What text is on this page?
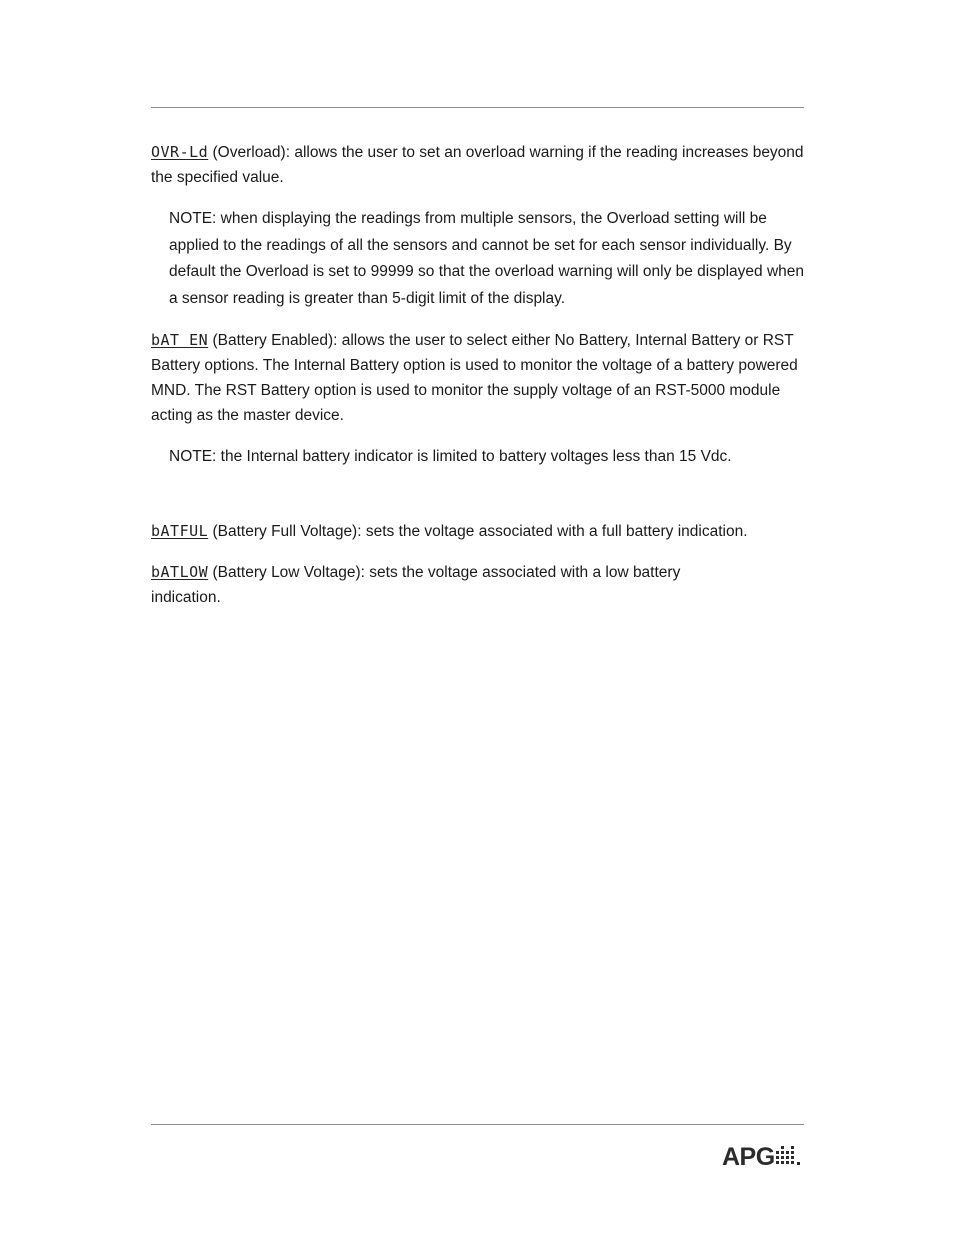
OVR-Ld (Overload): allows the user to set an overload warning if the reading increases beyond the specified value.

NOTE: when displaying the readings from multiple sensors, the Overload setting will be applied to the readings of all the sensors and cannot be set for each sensor individually. By default the Overload is set to 99999 so that the overload warning will only be displayed when a sensor reading is greater than 5-digit limit of the display.

bAT EN (Battery Enabled): allows the user to select either No Battery, Internal Battery or RST Battery options. The Internal Battery option is used to monitor the voltage of a battery powered MND. The RST Battery option is used to monitor the supply voltage of an RST-5000 module acting as the master device.

NOTE: the Internal battery indicator is limited to battery voltages less than 15 Vdc.

bATFUL (Battery Full Voltage): sets the voltage associated with a full battery indication.

bATLOW (Battery Low Voltage): sets the voltage associated with a low battery indication.

APG
